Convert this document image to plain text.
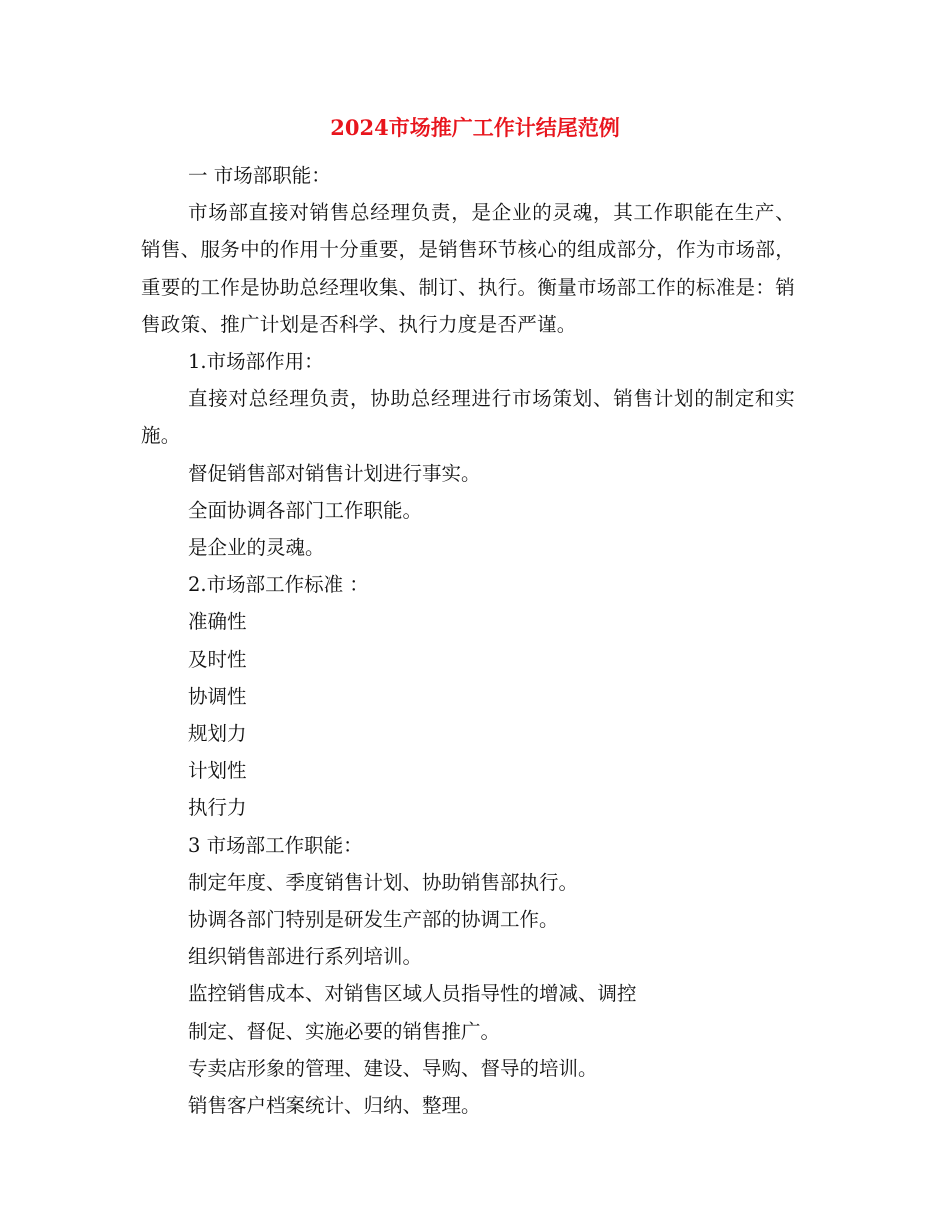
2024市场推广工作计结尾范例

一 市场部职能：

市场部直接对销售总经理负责，是企业的灵魂，其工作职能在生产、销售、服务中的作用十分重要，是销售环节核心的组成部分，作为市场部，重要的工作是协助总经理收集、制订、执行。衡量市场部工作的标准是：销售政策、推广计划是否科学、执行力度是否严谨。

1.市场部作用：

直接对总经理负责，协助总经理进行市场策划、销售计划的制定和实施。

督促销售部对销售计划进行事实。

全面协调各部门工作职能。

是企业的灵魂。

2.市场部工作标准 ：

准确性

及时性

协调性

规划力

计划性

执行力

3 市场部工作职能：

制定年度、季度销售计划、协助销售部执行。

协调各部门特别是研发生产部的协调工作。

组织销售部进行系列培训。

监控销售成本、对销售区域人员指导性的增减、调控

制定、督促、实施必要的销售推广。

专卖店形象的管理、建设、导购、督导的培训。

销售客户档案统计、归纳、整理。
